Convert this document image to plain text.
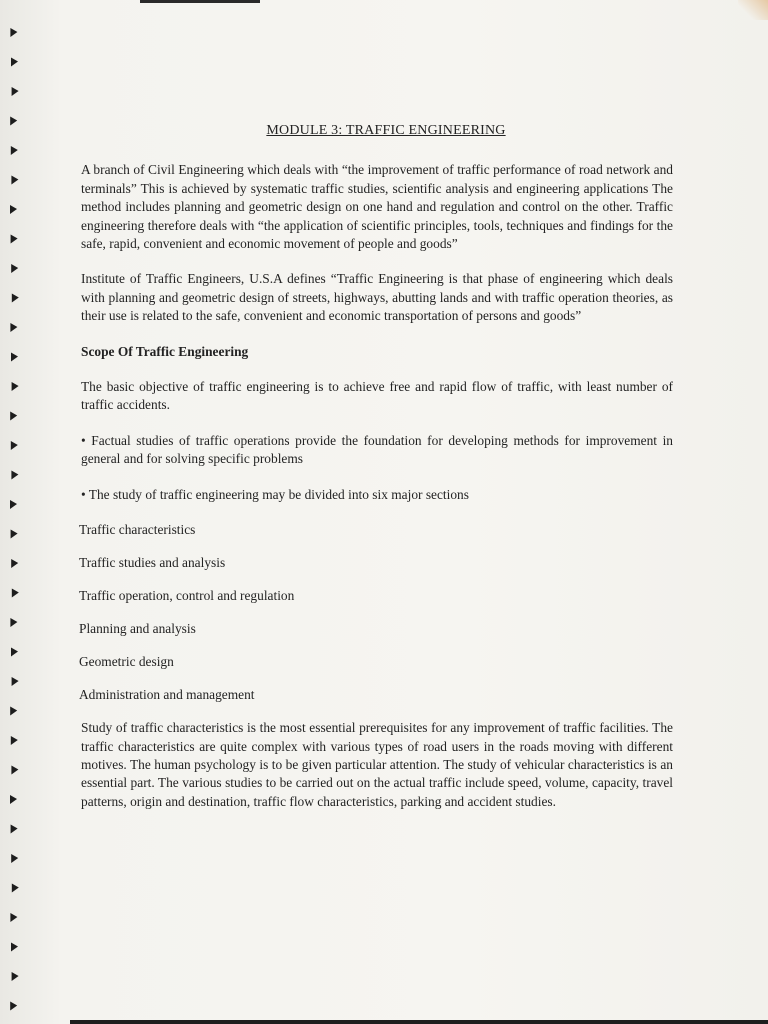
MODULE 3: TRAFFIC ENGINEERING

A branch of Civil Engineering which deals with “the improvement of traffic performance of road network and terminals” This is achieved by systematic traffic studies, scientific analysis and engineering applications The method includes planning and geometric design on one hand and regulation and control on the other. Traffic engineering therefore deals with “the application of scientific principles, tools, techniques and findings for the safe, rapid, convenient and economic movement of people and goods”

Institute of Traffic Engineers, U.S.A defines “Traffic Engineering is that phase of engineering which deals with planning and geometric design of streets, highways, abutting lands and with traffic operation theories, as their use is related to the safe, convenient and economic transportation of persons and goods”

Scope Of Traffic Engineering

The basic objective of traffic engineering is to achieve free and rapid flow of traffic, with least number of traffic accidents.

• Factual studies of traffic operations provide the foundation for developing methods for improvement in general and for solving specific problems

• The study of traffic engineering may be divided into six major sections

Traffic characteristics
Traffic studies and analysis
Traffic operation, control and regulation
Planning and analysis
Geometric design
Administration and management

Study of traffic characteristics is the most essential prerequisites for any improvement of traffic facilities. The traffic characteristics are quite complex with various types of road users in the roads moving with different motives. The human psychology is to be given particular attention. The study of vehicular characteristics is an essential part. The various studies to be carried out on the actual traffic include speed, volume, capacity, travel patterns, origin and destination, traffic flow characteristics, parking and accident studies.
